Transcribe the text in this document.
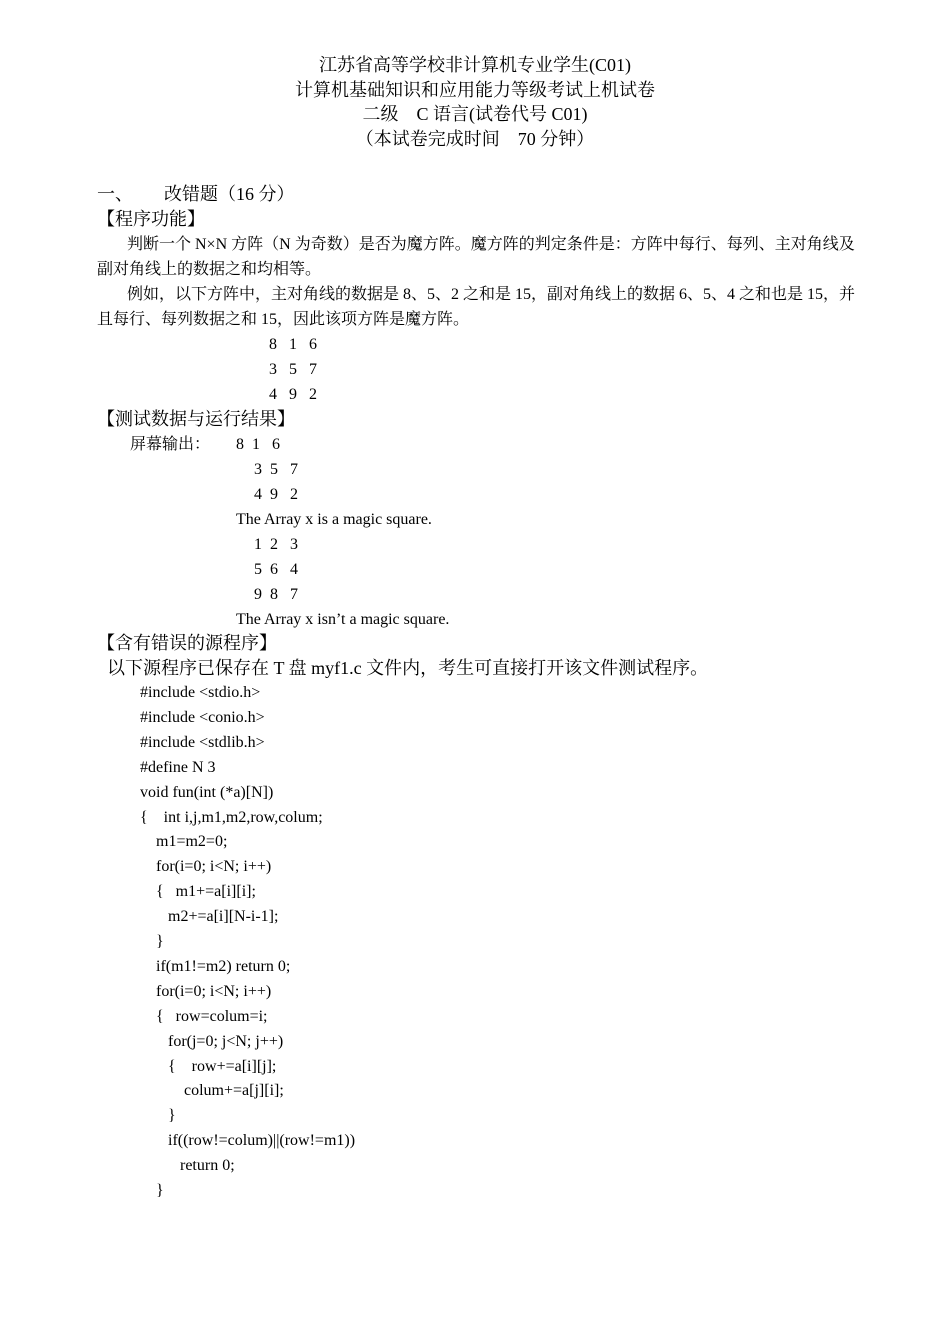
江苏省高等学校非计算机专业学生(C01)
计算机基础知识和应用能力等级考试上机试卷
二级    C 语言(试卷代号 C01)
（本试卷完成时间    70 分钟）
一、 改错题（16 分）
【程序功能】
判断一个 N×N 方阵（N 为奇数）是否为魔方阵。魔方阵的判定条件是：方阵中每行、每列、主对角线及副对角线上的数据之和均相等。
例如，以下方阵中，主对角线的数据是 8、5、2 之和是 15，副对角线上的数据 6、5、4 之和也是 15，并且每行、每列数据之和 15，因此该项方阵是魔方阵。
8   1   6
3   5   7
4   9   2
【测试数据与运行结果】
屏幕输出： 8  1   6
3  5   7
4  9   2
The Array x is a magic square.
1  2   3
5  6   4
9  8   7
The Array x isn’t a magic square.
【含有错误的源程序】
以下源程序已保存在 T 盘 myf1.c 文件内，考生可直接打开该文件测试程序。
#include <stdio.h>
#include <conio.h>
#include <stdlib.h>
#define N 3
void fun(int (*a)[N])
{    int i,j,m1,m2,row,colum;
m1=m2=0;
for(i=0; i<N; i++)
{   m1+=a[i][i];
m2+=a[i][N-i-1];
}
if(m1!=m2) return 0;
for(i=0; i<N; i++)
{   row=colum=i;
for(j=0; j<N; j++)
{    row+=a[i][j];
colum+=a[j][i];
}
if((row!=colum)||(row!=m1))
return 0;
}
